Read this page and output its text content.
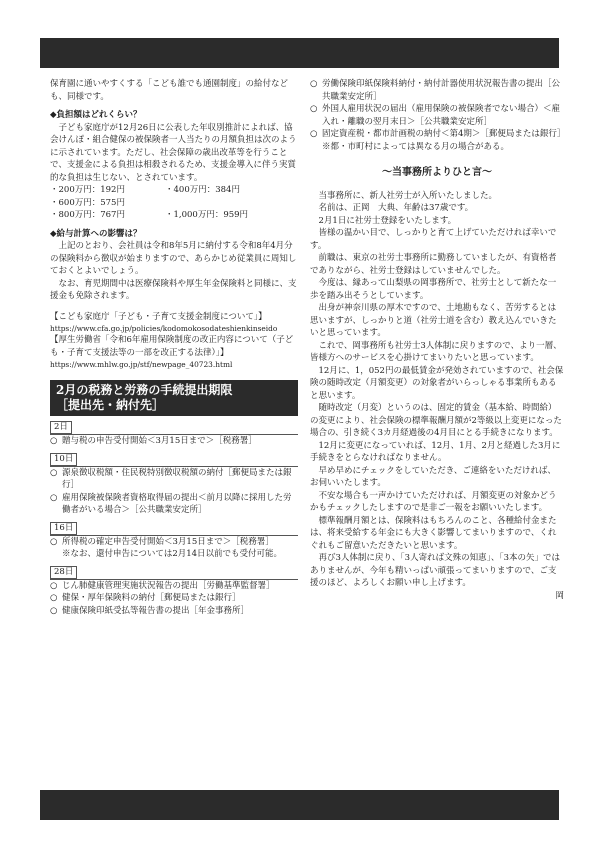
保育園に通いやすくする「こども誰でも通園制度」の給付なども、同様です。

◆負担額はどれくらい？

子ども家庭庁が12月26日に公表した年収別推計によれば、協会けんぽ・組合健保の被保険者一人当たりの月額負担は次のように示されています。ただし、社会保障の歳出改革等を行うことで、支援金による負担は相殺されるため、支援金導入に伴う実質的な負担は生じない、とされています。

・200万円：192円	・400万円：384円
・600万円：575円
・800万円：767円	・1,000万円：959円

◆給与計算への影響は？

上記のとおり、会社員は令和8年5月に納付する令和8年4月分の保険料から徴収が始まりますので、あらかじめ従業員に周知しておくとよいでしょう。

なお、育児期間中は医療保険料や厚生年金保険料と同様に、支援金も免除されます。

【こども家庭庁「子ども・子育て支援金制度について」】

https://www.cfa.go.jp/policies/kodomokosodateshienkinseido

【厚生労働省「令和6年雇用保険制度の改正内容について（子ども・子育て支援法等の一部を改正する法律）」】

https://www.mhlw.go.jp/stf/newpage_40723.html

2月の税務と労務の手続提出期限
［提出先・納付先］
2日
○ 贈与税の申告受付開始＜3月15日まで＞［税務署］
10日
○ 源泉徴収税額・住民税特別徴収税額の納付［郵便局または銀行］
○ 雇用保険被保険者資格取得届の提出＜前月以降に採用した労働者がいる場合＞［公共職業安定所］
16日
○ 所得税の確定申告受付開始＜3月15日まで＞［税務署］
※なお、還付申告については2月14日以前でも受付可能。
28日
○ じん肺健康管理実施状況報告の提出［労働基準監督署］
○ 健保・厚年保険料の納付［郵便局または銀行］
○ 健康保険印紙受払等報告書の提出［年金事務所］
○ 労働保険印紙保険料納付・納付計器使用状況報告書の提出［公共職業安定所］
○ 外国人雇用状況の届出（雇用保険の被保険者でない場合）＜雇入れ・離職の翌月末日＞［公共職業安定所］
○ 固定資産税・都市計画税の納付＜第4期＞［郵便局または銀行］
※都・市町村によっては異なる月の場合がある。
～当事務所よりひと言～

当事務所に、新人社労士が入所いたしました。

名前は、正岡　大典、年齢は37歳です。

2月1日に社労士登録をいたします。

皆様の温かい目で、しっかりと育て上げていただければ幸いです。

前職は、東京の社労士事務所に勤務していましたが、有資格者でありながら、社労士登録はしていませんでした。

今度は、縁あって山梨県の岡事務所で、社労士として新たな一歩を踏み出そうとしています。

出身が神奈川県の厚木ですので、土地勘もなく、苦労するとは思いますが、しっかりと道（社労士道を含む）教え込んでいきたいと思っています。

これで、岡事務所も社労士3人体制に戻りますので、より一層、皆様方へのサービスを心掛けてまいりたいと思っています。

12月に、1，052円の最低賃金が発効されていますので、社会保険の随時改定（月額変更）の対象者がいらっしゃる事業所もあると思います。

随時改定（月変）というのは、固定的賃金（基本給、時間給）の変更により、社会保険の標準報酬月額が2等級以上変更になった場合の、引き続く3カ月経過後の4月目にとる手続きになります。

12月に変更になっていれば、12月、1月、2月と経過した3月に手続きをとらなければなりません。

早め早めにチェックをしていただき、ご連絡をいただければ、お伺いいたします。

不安な場合も一声かけていただければ、月額変更の対象かどうかもチェックしたしますので是非ご一報をお願いいたします。

標準報酬月額とは、保険料はもちろんのこと、各種給付金または、将来受給する年金にも大きく影響してまいりますので、くれぐれもご留意いただきたいと思います。

再び3人体制に戻り、「3人寄れば文殊の知恵」、「3本の矢」ではありませんが、今年も精いっぱい頑張ってまいりますので、ご支援のほど、よろしくお願い申し上げます。

岡
